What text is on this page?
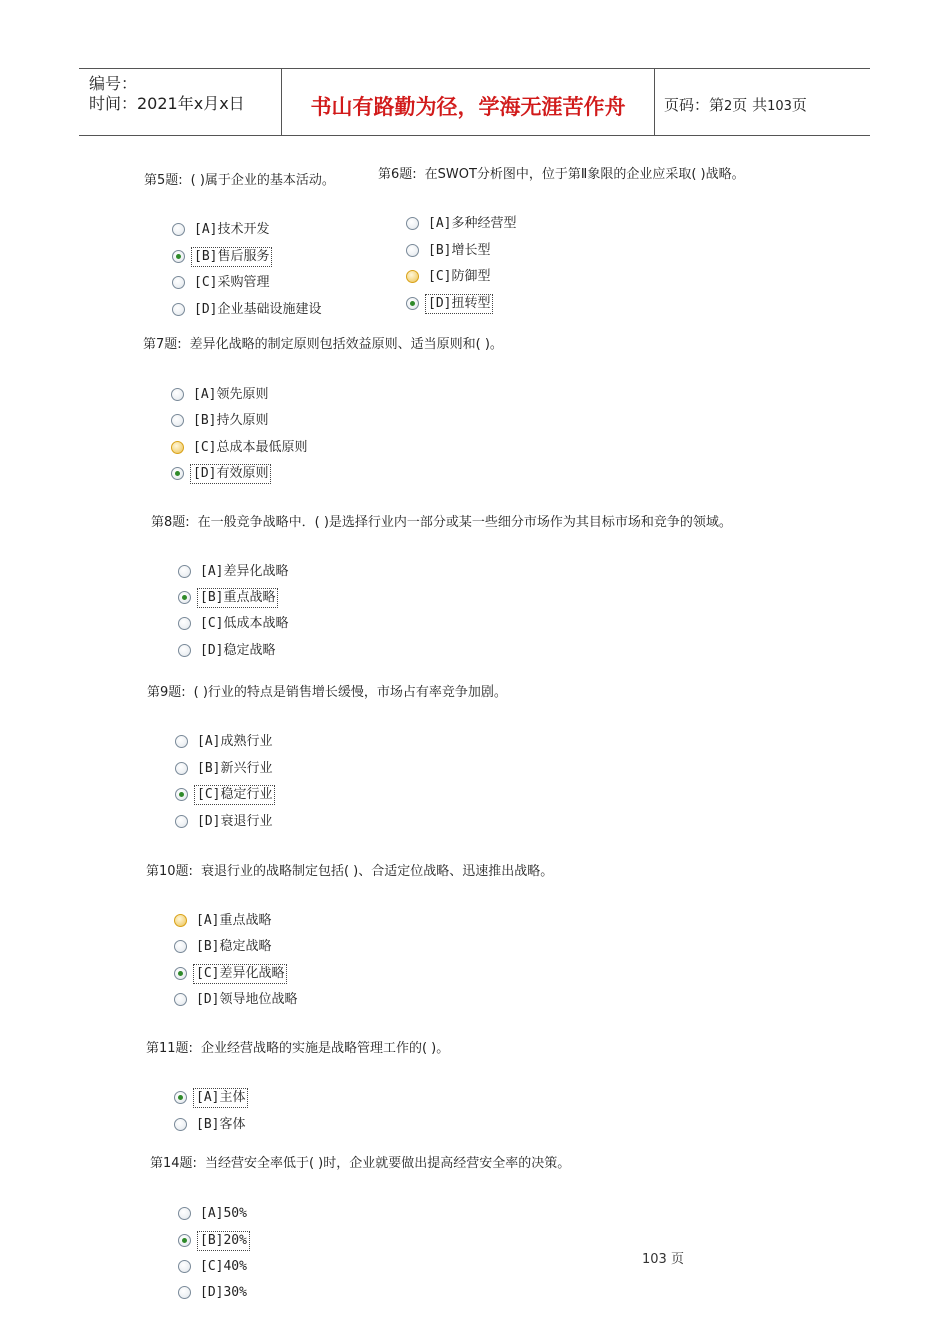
编号：
时间：2021年x月x日	书山有路勤为径，学海无涯苦作舟	页码：第2页 共103页
第5题: ( )属于企业的基本活动。
[A]技术开发
[B]售后服务
[C]采购管理
[D]企业基础设施建设
第6题: 在SWOT分析图中，位于第Ⅱ象限的企业应采取( )战略。
[A]多种经营型
[B]增长型
[C]防御型
[D]扭转型
第7题: 差异化战略的制定原则包括效益原则、适当原则和( )。
[A]领先原则
[B]持久原则
[C]总成本最低原则
[D]有效原则
第8题: 在一般竞争战略中．( )是选择行业内一部分或某一些细分市场作为其目标市场和竞争的领域。
[A]差异化战略
[B]重点战略
[C]低成本战略
[D]稳定战略
第9题: ( )行业的特点是销售增长缓慢，市场占有率竞争加剧。
[A]成熟行业
[B]新兴行业
[C]稳定行业
[D]衰退行业
第10题: 衰退行业的战略制定包括( )、合适定位战略、迅速推出战略。
[A]重点战略
[B]稳定战略
[C]差异化战略
[D]领导地位战略
第11题: 企业经营战略的实施是战略管理工作的( )。
[A]主体
[B]客体
第14题: 当经营安全率低于( )时，企业就要做出提高经营安全率的决策。
[A]50%
[B]20%
[C]40%
[D]30%
103 页
